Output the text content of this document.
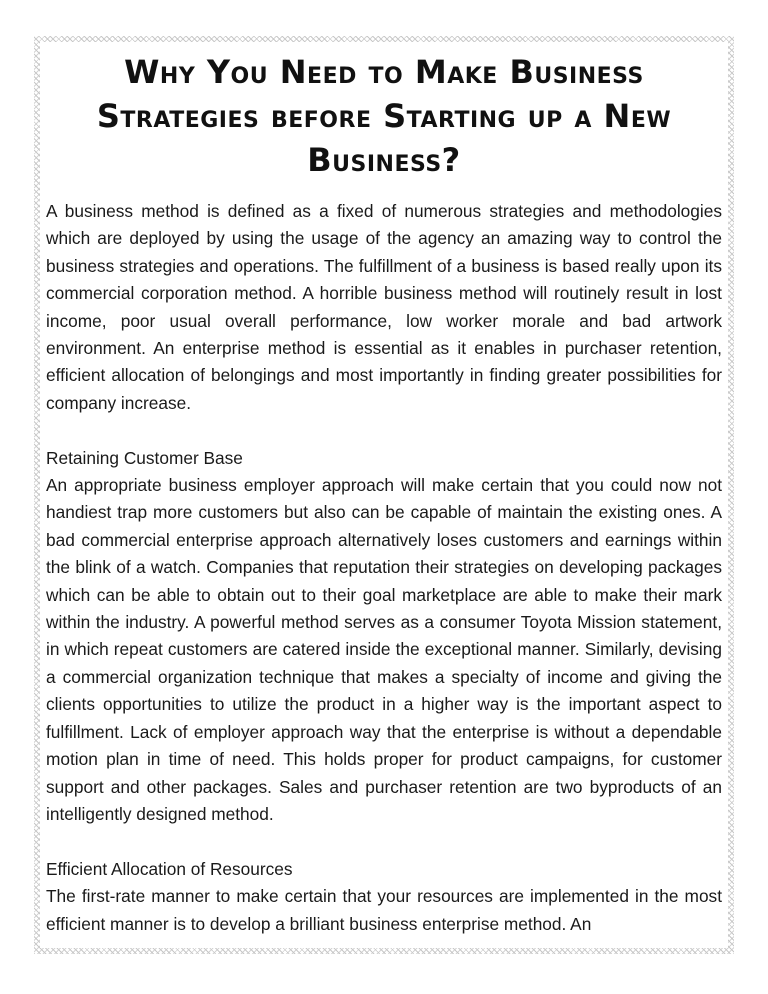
Why You Need to Make Business Strategies before Starting up a New Business?

A business method is defined as a fixed of numerous strategies and methodologies which are deployed by using the usage of the agency an amazing way to control the business strategies and operations. The fulfillment of a business is based really upon its commercial corporation method. A horrible business method will routinely result in lost income, poor usual overall performance, low worker morale and bad artwork environment. An enterprise method is essential as it enables in purchaser retention, efficient allocation of belongings and most importantly in finding greater possibilities for company increase.

Retaining Customer Base

An appropriate business employer approach will make certain that you could now not handiest trap more customers but also can be capable of maintain the existing ones. A bad commercial enterprise approach alternatively loses customers and earnings within the blink of a watch. Companies that reputation their strategies on developing packages which can be able to obtain out to their goal marketplace are able to make their mark within the industry. A powerful method serves as a consumer Toyota Mission statement, in which repeat customers are catered inside the exceptional manner. Similarly, devising a commercial organization technique that makes a specialty of income and giving the clients opportunities to utilize the product in a higher way is the important aspect to fulfillment. Lack of employer approach way that the enterprise is without a dependable motion plan in time of need. This holds proper for product campaigns, for customer support and other packages. Sales and purchaser retention are two byproducts of an intelligently designed method.

Efficient Allocation of Resources

The first-rate manner to make certain that your resources are implemented in the most efficient manner is to develop a brilliant business enterprise method. An
